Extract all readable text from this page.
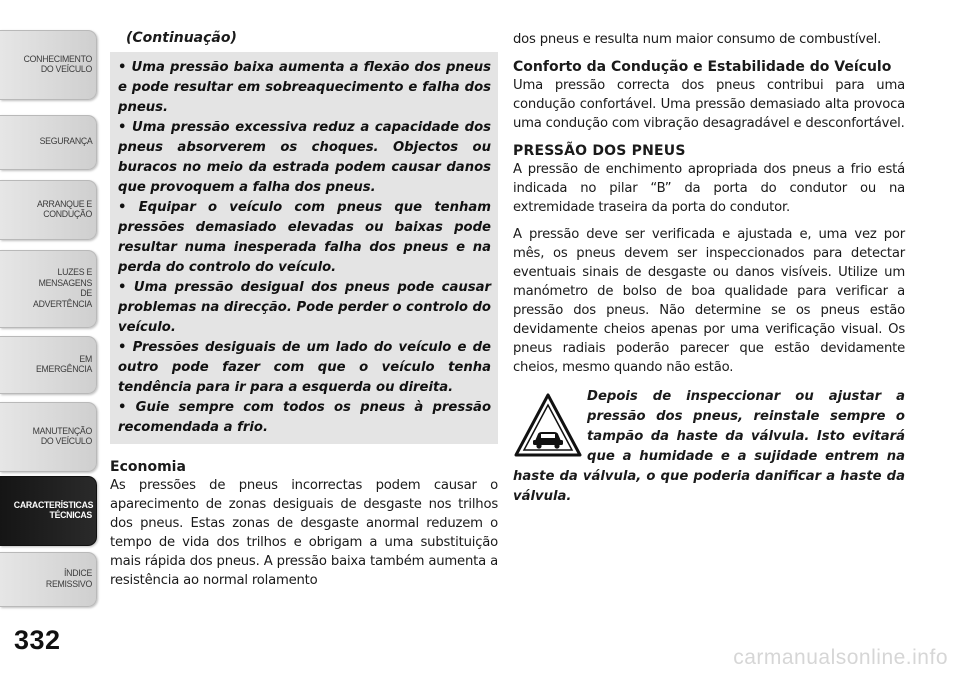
CONHECIMENTO DO VEÍCULO
SEGURANÇA
ARRANQUE E CONDUÇÃO
LUZES E MENSAGENS DE ADVERTÊNCIA
EM EMERGÊNCIA
MANUTENÇÃO DO VEÍCULO
CARACTERÍSTICAS TÉCNICAS
ÍNDICE REMISSIVO
332
(Continuação)

• Uma pressão baixa aumenta a flexão dos pneus e pode resultar em sobreaquecimento e falha dos pneus.

• Uma pressão excessiva reduz a capacidade dos pneus absorverem os choques. Objectos ou buracos no meio da estrada podem causar danos que provoquem a falha dos pneus.

• Equipar o veículo com pneus que tenham pressões demasiado elevadas ou baixas pode resultar numa inesperada falha dos pneus e na perda do controlo do veículo.

• Uma pressão desigual dos pneus pode causar problemas na direcção. Pode perder o controlo do veículo.

• Pressões desiguais de um lado do veículo e de outro pode fazer com que o veículo tenha tendência para ir para a esquerda ou direita.

• Guie sempre com todos os pneus à pressão recomendada a frio.

Economia

As pressões de pneus incorrectas podem causar o aparecimento de zonas desiguais de desgaste nos trilhos dos pneus. Estas zonas de desgaste anormal reduzem o tempo de vida dos trilhos e obrigam a uma substituição mais rápida dos pneus. A pressão baixa também aumenta a resistência ao normal rolamento

dos pneus e resulta num maior consumo de combustível.

Conforto da Condução e Estabilidade do Veículo

Uma pressão correcta dos pneus contribui para uma condução confortável. Uma pressão demasiado alta provoca uma condução com vibração desagradável e desconfortável.

PRESSÃO DOS PNEUS

A pressão de enchimento apropriada dos pneus a frio está indicada no pilar “B” da porta do condutor ou na extremidade traseira da porta do condutor.

A pressão deve ser verificada e ajustada e, uma vez por mês, os pneus devem ser inspeccionados para detectar eventuais sinais de desgaste ou danos visíveis. Utilize um manómetro de bolso de boa qualidade para verificar a pressão dos pneus. Não determine se os pneus estão devidamente cheios apenas por uma verificação visual. Os pneus radiais poderão parecer que estão devidamente cheios, mesmo quando não estão.

Depois de inspeccionar ou ajustar a pressão dos pneus, reinstale sempre o tampão da haste da válvula. Isto evitará que a humidade e a sujidade entrem na haste da válvula, o que poderia danificar a haste da válvula.

carmanualsonline.info
